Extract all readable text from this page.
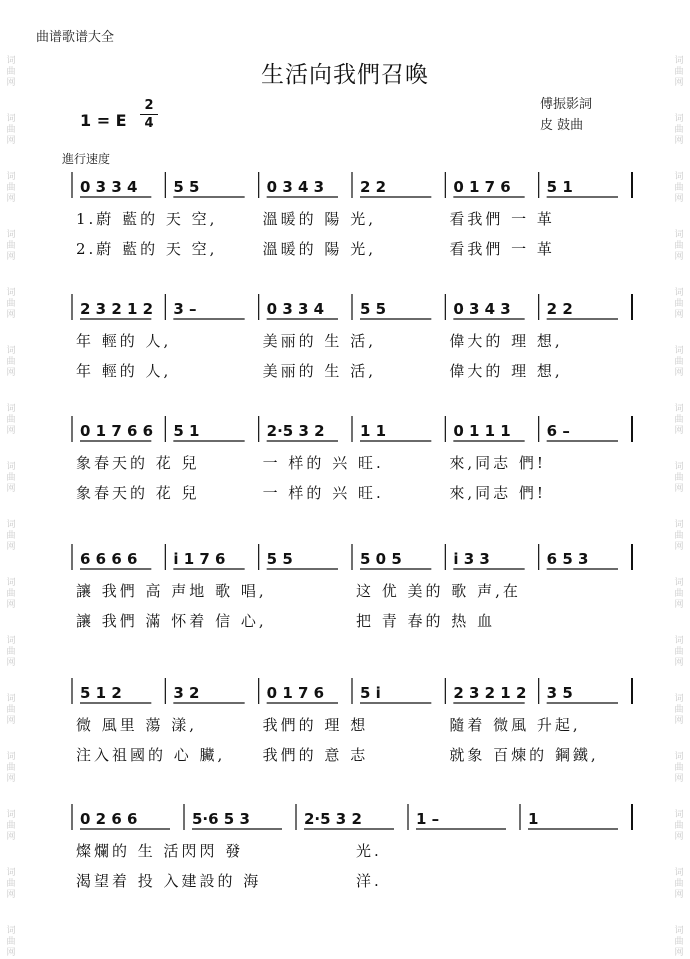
词
曲
网
词
曲
网
词
曲
网
词
曲
网
词
曲
网
词
曲
网
词
曲
网
词
曲
网
词
曲
网
词
曲
网
词
曲
网
词
曲
网
词
曲
网
词
曲
网
词
曲
网
词
曲
网
词
曲
网
词
曲
网
词
曲
网
词
曲
网
词
曲
网
词
曲
网
词
曲
网
词
曲
网
词
曲
网
词
曲
网
词
曲
网
词
曲
网
词
曲
网
词
曲
网
词
曲
网
词
曲
网
曲谱歌谱大全
生活向我們召喚
1 = E
2
4
傅振影詞
皮 鼓曲
進行速度
0 3 3 4 5 5	0 3 4 3 2 2	0 1 7 6 5 1
1.蔚 藍的 天 空,	溫暖的 陽 光,	看我們 一 革
2.蔚 藍的 天 空,	溫暖的 陽 光,	看我們 一 革
2 3 2 1 2 3 –	0 3 3 4 5 5	0 3 4 3 2 2
年 輕的 人,	美丽的 生 活,	偉大的 理 想,
年 輕的 人,	美丽的 生 活,	偉大的 理 想,
0 1 7 6 6 5 1	2·5 3 2 1 1	0 1 1 1 6 –
象春天的 花 兒	一 样的 兴 旺.	來,同志 們!
象春天的 花 兒	一 样的 兴 旺.	來,同志 們!
6 6 6 6 i 1 7 6	5 5	5 0 5	i 3 3	6 5 3
讓 我們 高 声地 歌 唱,	这 优 美的 歌 声,在
讓 我們 滿 怀着 信 心,	把 青 春的 热 血
5 1 2	3 2	0 1 7 6 5 i	2 3 2 1 2 3 5
微 風里 蕩 漾,	我們的 理 想	隨着 微風 升起,
注入祖國的 心 臟, 我們的 意 志	就象 百煉的 鋼鐵,
0 2 6 6	5·6 5 3	2·5 3 2	1 –	1
燦爛的 生 活閃閃 發	光.
渴望着 投 入建設的 海	洋.
